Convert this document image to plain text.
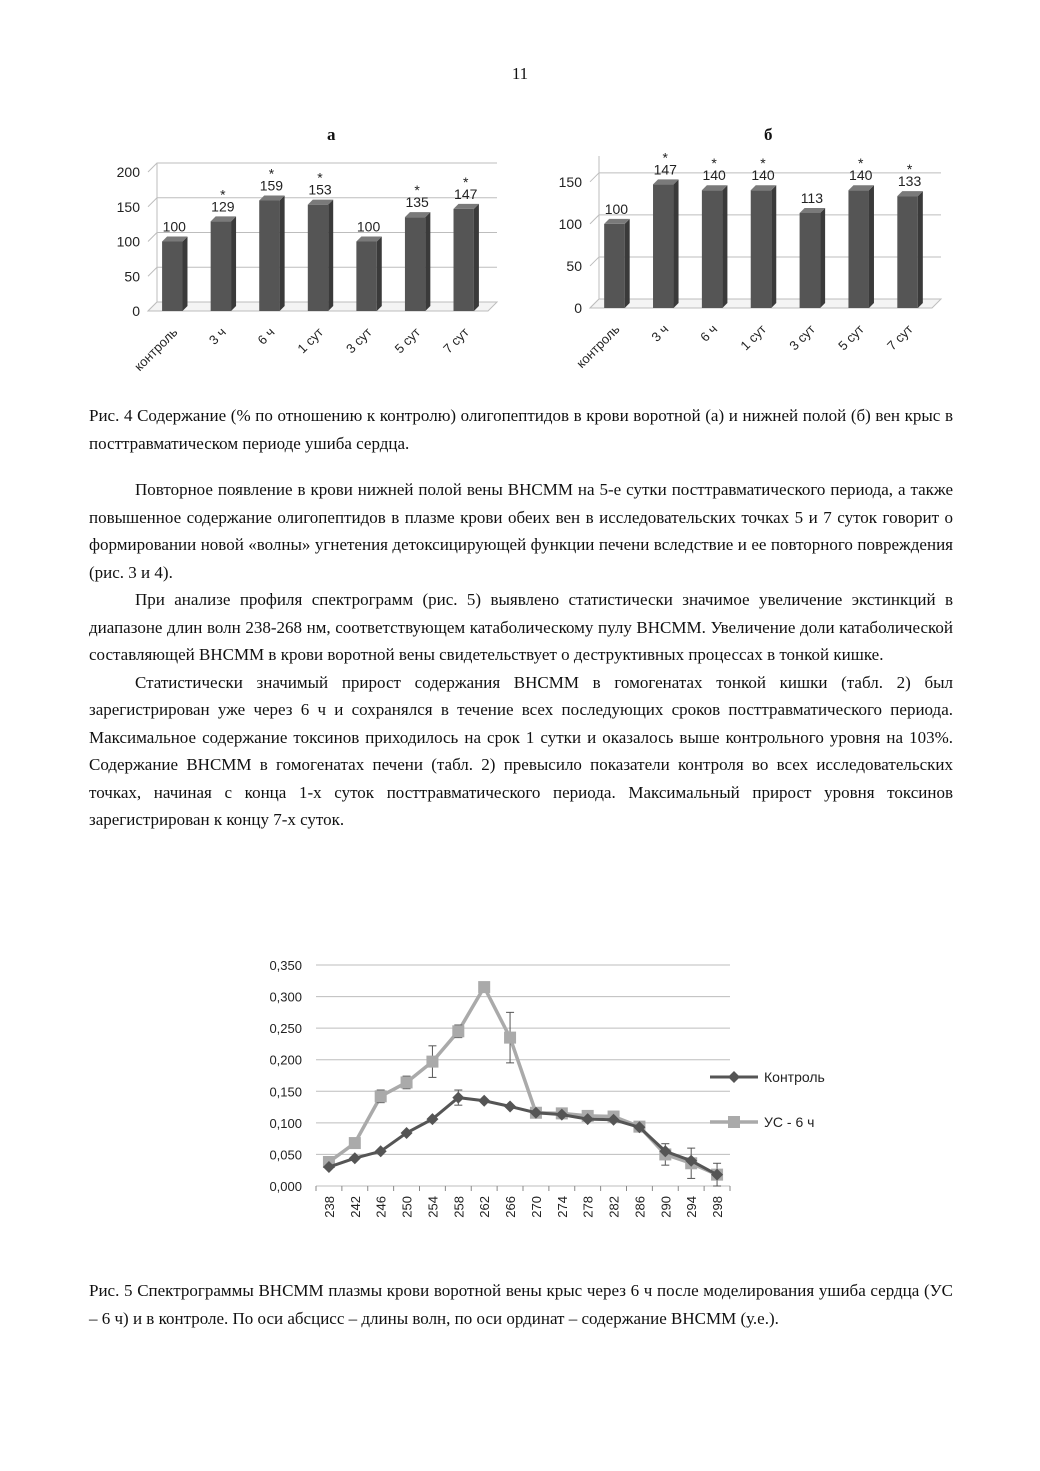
11
а	б
0
50
100
150
200
100
контроль
129
*
3 ч
159
*
6 ч
153
*
1 сут
100
3 сут
135
*
5 сут
147
*
7 сут
0
50
100
150
100
контроль
147
*
3 ч
140
*
6 ч
140
*
1 сут
113
3 сут
140
*
5 сут
133
*
7 сут
Рис. 4 Содержание (% по отношению к контролю) олигопептидов в крови воротной (а) и нижней полой (б) вен крыс в посттравматическом периоде ушиба сердца.

Повторное появление в крови нижней полой вены ВНСММ на 5-е сутки посттравматического периода, а также повышенное содержание олигопептидов в плазме крови обеих вен в исследовательских точках 5 и 7 суток говорит о формировании новой «волны» угнетения детоксицирующей функции печени вследствие и ее повторного повреждения (рис. 3 и 4).

При анализе профиля спектрограмм (рис. 5) выявлено статистически значимое увеличение экстинкций в диапазоне длин волн 238-268 нм, соответствующем катаболическому пулу ВНСММ. Увеличение доли катаболической составляющей ВНСММ в крови воротной вены свидетельствует о деструктивных процессах в тонкой кишке.

Статистически значимый прирост содержания ВНСММ в гомогенатах тонкой кишки (табл. 2) был зарегистрирован уже через 6 ч и сохранялся в течение всех последующих сроков посттравматического периода. Максимальное содержание токсинов приходилось на срок 1 сутки и оказалось выше контрольного уровня на 103%. Содержание ВНСММ в гомогенатах печени (табл. 2) превысило показатели контроля во всех исследовательских точках, начиная с конца 1-х суток посттравматического периода. Максимальный прирост уровня токсинов зарегистрирован к концу 7-х суток.

0,000
0,050
0,100
0,150
0,200
0,250
0,300
0,350
238 242 246 250 254 258 262 266 270 274 278 282 286 290 294 298
Контроль
УС - 6 ч
Рис. 5 Спектрограммы ВНСММ плазмы крови воротной вены крыс через 6 ч после моделирования ушиба сердца (УС – 6 ч) и в контроле. По оси абсцисс – длины волн, по оси ординат – содержание ВНСММ (у.е.).
